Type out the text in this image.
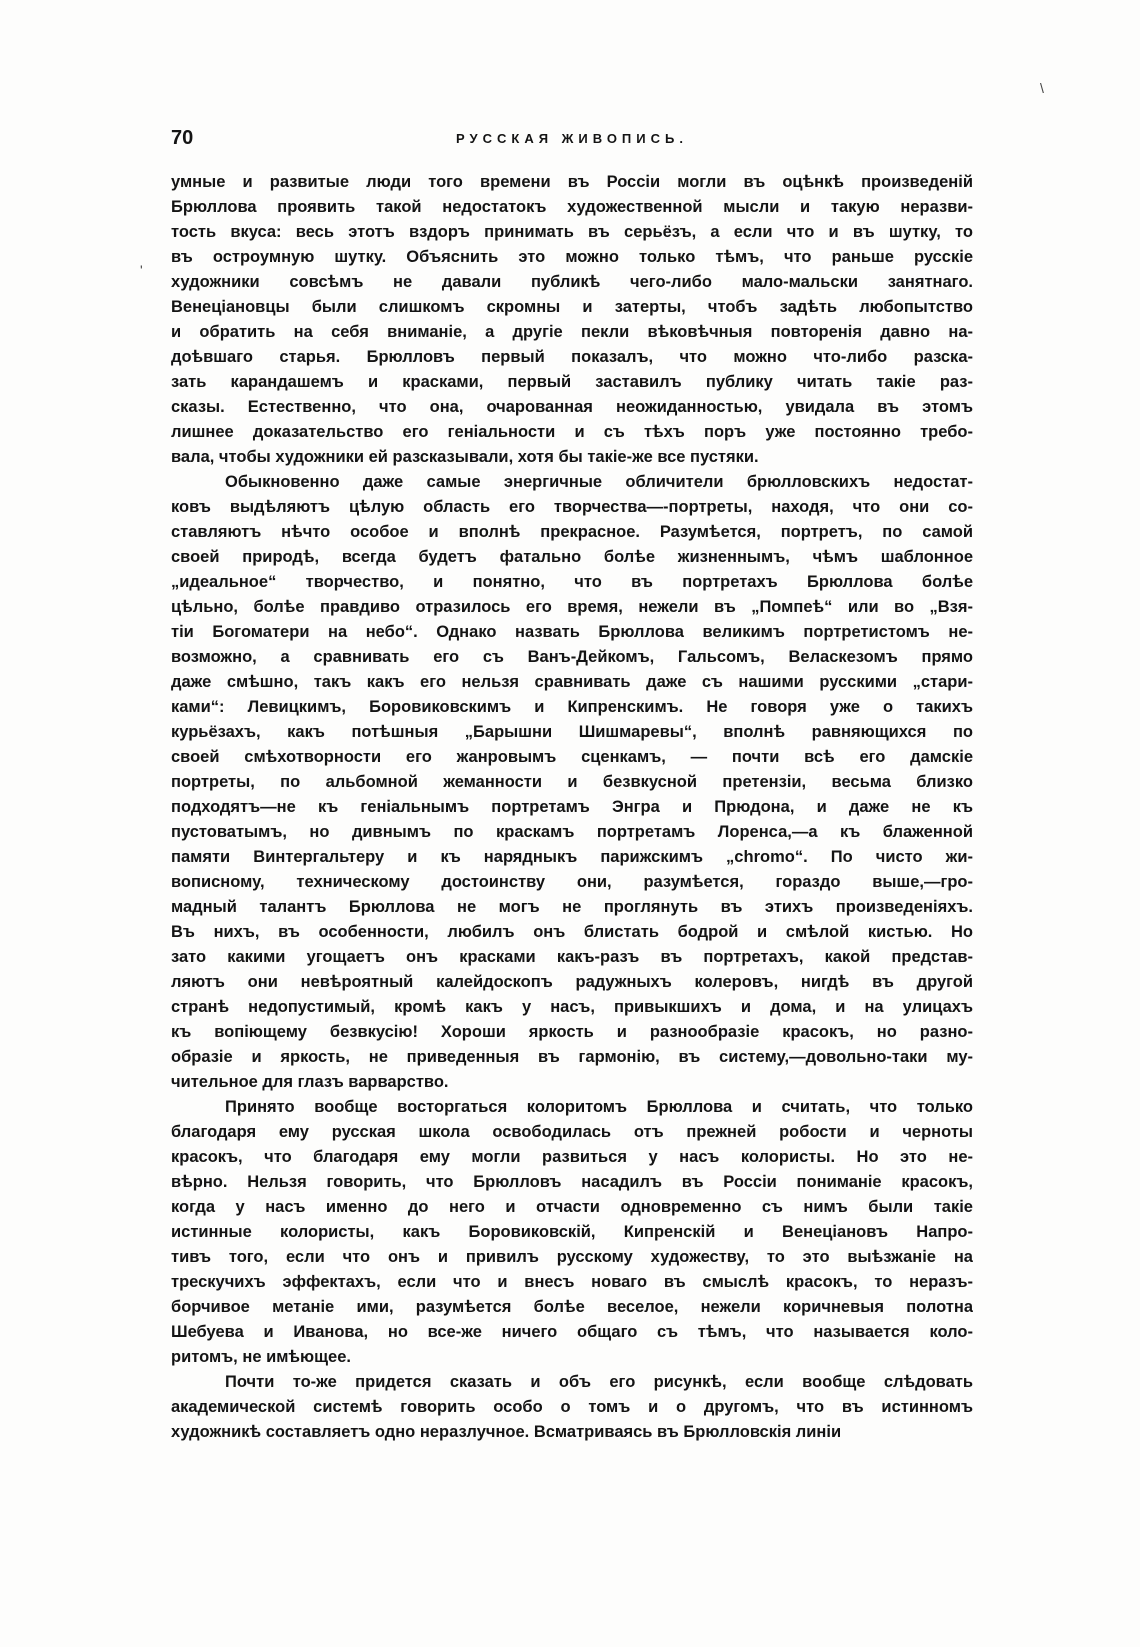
70	РУССКАЯ ЖИВОПИСЬ.
\
'
умные и развитые люди того времени въ Россіи могли въ оцѣнкѣ произведеній
Брюллова проявить такой недостатокъ художественной мысли и такую неразви-
тость вкуса: весь этотъ вздоръ принимать въ серьёзъ, а если что и въ шутку, то
въ остроумную шутку. Объяснить это можно только тѣмъ, что раньше русскіе
художники совсѣмъ не давали публикѣ чего-либо мало-мальски занятнаго.
Венеціановцы были слишкомъ скромны и затерты, чтобъ задѣть любопытство
и обратить на себя вниманіе, а другіе пекли вѣковѣчныя повторенія давно на-
доѣвшаго старья. Брюлловъ первый показалъ, что можно что-либо разска-
зать карандашемъ и красками, первый заставилъ публику читать такіе раз-
сказы. Естественно, что она, очарованная неожиданностью, увидала въ этомъ
лишнее доказательство его геніальности и съ тѣхъ поръ уже постоянно требо-
вала, чтобы художники ей разсказывали, хотя бы такіе-же все пустяки.
Обыкновенно даже самые энергичные обличители брюлловскихъ недостат-
ковъ выдѣляютъ цѣлую область его творчества—-портреты, находя, что они со-
ставляютъ нѣчто особое и вполнѣ прекрасное. Разумѣется, портретъ, по самой
своей природѣ, всегда будетъ фатально болѣе жизненнымъ, чѣмъ шаблонное
„идеальное“ творчество, и понятно, что въ портретахъ Брюллова болѣе
цѣльно, болѣе правдиво отразилось его время, нежели въ „Помпеѣ“ или во „Взя-
тіи Богоматери на небо“. Однако назвать Брюллова великимъ портретистомъ не-
возможно, а сравнивать его съ Ванъ-Дейкомъ, Гальсомъ, Веласкезомъ прямо
даже смѣшно, такъ какъ его нельзя сравнивать даже съ нашими русскими „стари-
ками“: Левицкимъ, Боровиковскимъ и Кипренскимъ. Не говоря уже о такихъ
курьёзахъ, какъ потѣшныя „Барышни Шишмаревы“, вполнѣ равняющихся по
своей смѣхотворности его жанровымъ сценкамъ, — почти всѣ его дамскіе
портреты, по альбомной жеманности и безвкусной претензіи, весьма близко
подходятъ—не къ геніальнымъ портретамъ Энгра и Прюдона, и даже не къ
пустоватымъ, но дивнымъ по краскамъ портретамъ Лоренса,—а къ блаженной
памяти Винтергальтеру и къ нарядныкъ парижскимъ „chromo“. По чисто жи-
вописному, техническому достоинству они, разумѣется, гораздо выше,—гро-
мадный талантъ Брюллова не могъ не проглянуть въ этихъ произведеніяхъ.
Въ нихъ, въ особенности, любилъ онъ блистать бодрой и смѣлой кистью. Но
зато какими угощаетъ онъ красками какъ-разъ въ портретахъ, какой представ-
ляютъ они невѣроятный калейдоскопъ радужныхъ колеровъ, нигдѣ въ другой
странѣ недопустимый, кромѣ какъ у насъ, привыкшихъ и дома, и на улицахъ
къ вопіющему безвкусію! Хороши яркость и разнообразіе красокъ, но разно-
образіе и яркость, не приведенныя въ гармонію, въ систему,—довольно-таки му-
чительное для глазъ варварство.
Принято вообще восторгаться колоритомъ Брюллова и считать, что только
благодаря ему русская школа освободилась отъ прежней робости и черноты
красокъ, что благодаря ему могли развиться у насъ колористы. Но это не-
вѣрно. Нельзя говорить, что Брюлловъ насадилъ въ Россіи пониманіе красокъ,
когда у насъ именно до него и отчасти одновременно съ нимъ были такіе
истинные колористы, какъ Боровиковскій, Кипренскій и Венеціановъ Напро-
тивъ того, если что онъ и привилъ русскому художеству, то это выѣзжаніе на
трескучихъ эффектахъ, если что и внесъ новаго въ смыслѣ красокъ, то неразъ-
борчивое метаніе ими, разумѣется болѣе веселое, нежели коричневыя полотна
Шебуева и Иванова, но все-же ничего общаго съ тѣмъ, что называется коло-
ритомъ, не имѣющее.
Почти то-же придется сказать и объ его рисункѣ, если вообще слѣдовать
академической системѣ говорить особо о томъ и о другомъ, что въ истинномъ
художникѣ составляетъ одно неразлучное. Всматриваясь въ Брюлловскія линіи
